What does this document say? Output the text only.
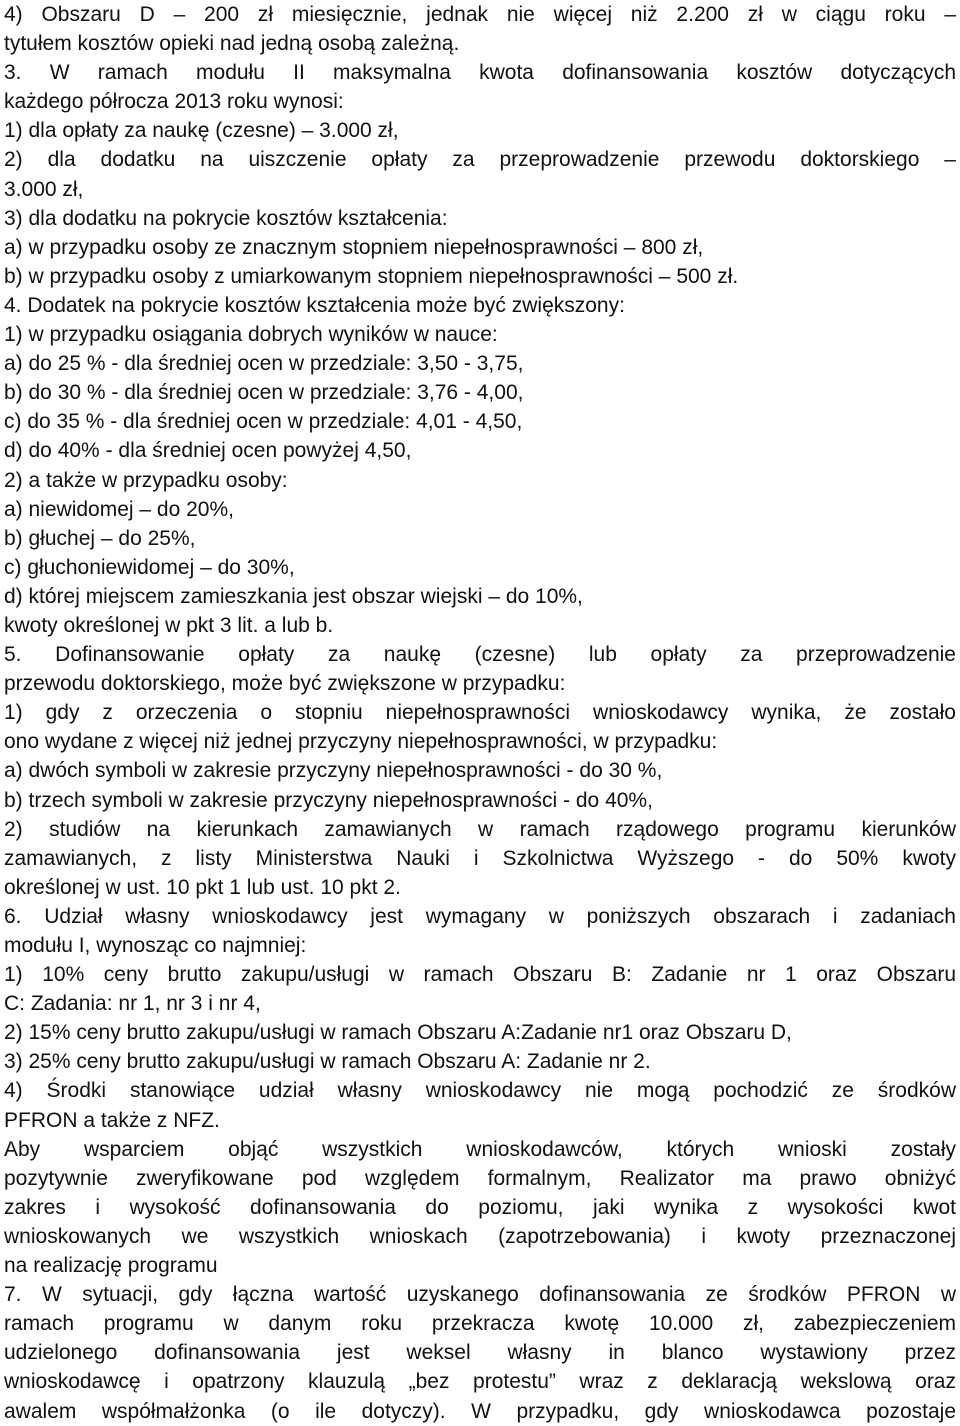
4) Obszaru D – 200 zł miesięcznie, jednak nie więcej niż 2.200 zł w ciągu roku –
tytułem kosztów opieki nad jedną osobą zależną.
3. W ramach modułu II maksymalna kwota dofinansowania kosztów dotyczących
każdego półrocza 2013 roku wynosi:
1) dla opłaty za naukę (czesne) – 3.000 zł,
2) dla dodatku na uiszczenie opłaty za przeprowadzenie przewodu doktorskiego –
3.000 zł,
3) dla dodatku na pokrycie kosztów kształcenia:
a) w przypadku osoby ze znacznym stopniem niepełnosprawności – 800 zł,
b) w przypadku osoby z umiarkowanym stopniem niepełnosprawności – 500 zł.
4. Dodatek na pokrycie kosztów kształcenia może być zwiększony:
1) w przypadku osiągania dobrych wyników w nauce:
a) do 25 % - dla średniej ocen w przedziale: 3,50 - 3,75,
b) do 30 % - dla średniej ocen w przedziale: 3,76 - 4,00,
c) do 35 % - dla średniej ocen w przedziale: 4,01 - 4,50,
d) do 40% - dla średniej ocen powyżej 4,50,
2) a także w przypadku osoby:
a) niewidomej – do 20%,
b) głuchej – do 25%,
c) głuchoniewidomej – do 30%,
d) której miejscem zamieszkania jest obszar wiejski – do 10%,
kwoty określonej w pkt 3 lit. a lub b.
5. Dofinansowanie opłaty za naukę (czesne) lub opłaty za przeprowadzenie
przewodu doktorskiego, może być zwiększone w przypadku:
1) gdy z orzeczenia o stopniu niepełnosprawności wnioskodawcy wynika, że zostało
ono wydane z więcej niż jednej przyczyny niepełnosprawności, w przypadku:
a) dwóch symboli w zakresie przyczyny niepełnosprawności - do 30 %,
b) trzech symboli w zakresie przyczyny niepełnosprawności - do 40%,
2) studiów na kierunkach zamawianych w ramach rządowego programu kierunków
zamawianych, z listy Ministerstwa Nauki i Szkolnictwa Wyższego - do 50% kwoty
określonej w ust. 10 pkt 1 lub ust. 10 pkt 2.
6. Udział własny wnioskodawcy jest wymagany w poniższych obszarach i zadaniach
modułu I, wynosząc co najmniej:
1) 10% ceny brutto zakupu/usługi w ramach Obszaru B: Zadanie nr 1 oraz Obszaru
C: Zadania: nr 1, nr 3 i nr 4,
2) 15% ceny brutto zakupu/usługi w ramach Obszaru A:Zadanie nr1 oraz Obszaru D,
3) 25% ceny brutto zakupu/usługi w ramach Obszaru A: Zadanie nr 2.
4) Środki stanowiące udział własny wnioskodawcy nie mogą pochodzić ze środków
PFRON a także z NFZ.
Aby wsparciem objąć wszystkich wnioskodawców, których wnioski zostały
pozytywnie zweryfikowane pod względem formalnym, Realizator ma prawo obniżyć
zakres i wysokość dofinansowania do poziomu, jaki wynika z wysokości kwot
wnioskowanych we wszystkich wnioskach (zapotrzebowania) i kwoty przeznaczonej
na realizację programu
7. W sytuacji, gdy łączna wartość uzyskanego dofinansowania ze środków PFRON w
ramach programu w danym roku przekracza kwotę 10.000 zł, zabezpieczeniem
udzielonego dofinansowania jest weksel własny in blanco wystawiony przez
wnioskodawcę i opatrzony klauzulą „bez protestu” wraz z deklaracją wekslową oraz
awalem współmałżonka (o ile dotyczy). W przypadku, gdy wnioskodawca pozostaje
